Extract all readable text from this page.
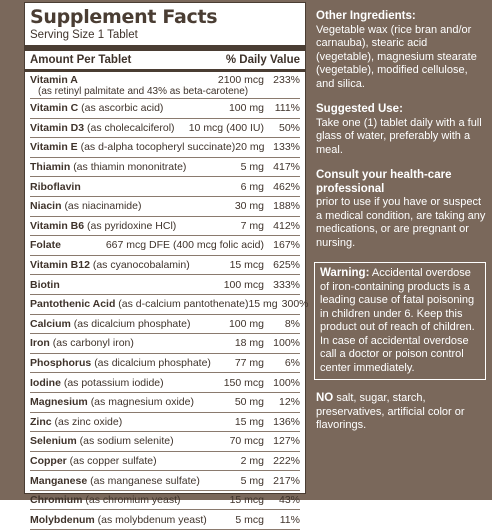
Supplement Facts
Serving Size 1 Tablet
Amount Per Tablet	% Daily Value
Vitamin A	2100 mcg 233%
(as retinyl palmitate and 43% as beta-carotene)
Vitamin C (as ascorbic acid)	100 mg	111%
Vitamin D3 (as cholecalciferol)	10 mcg (400 IU)	50%
Vitamin E (as d-alpha tocopheryl succinate) 20 mg 133%
Thiamin (as thiamin mononitrate)	5 mg 417%
Riboflavin	6 mg 462%
Niacin (as niacinamide)	30 mg 188%
Vitamin B6 (as pyridoxine HCl)	7 mg 412%
Folate	667 mcg DFE (400 mcg folic acid) 167%
Vitamin B12 (as cyanocobalamin)	15 mcg 625%
Biotin	100 mcg 333%
Pantothenic Acid (as d-calcium pantothenate) 15 mg 300%
Calcium (as dicalcium phosphate)	100 mg	8%
Iron (as carbonyl iron)	18 mg 100%
Phosphorus (as dicalcium phosphate)	77 mg	6%
Iodine (as potassium iodide)	150 mcg 100%
Magnesium (as magnesium oxide)	50 mg	12%
Zinc (as zinc oxide)	15 mg 136%
Selenium (as sodium selenite)	70 mcg 127%
Copper (as copper sulfate)	2 mg 222%
Manganese (as manganese sulfate)	5 mg 217%
Chromium (as chromium yeast)	15 mcg	43%
Molybdenum (as molybdenum yeast)	5 mcg	11%
Other Ingredients:
Vegetable wax (rice bran and/or carnauba), stearic acid (vegetable), magnesium stearate (vegetable), modified cellulose, and silica.
Suggested Use:
Take one (1) tablet daily with a full glass of water, preferably with a meal.
Consult your health-care professional
prior to use if you have or suspect a medical condition, are taking any medications, or are pregnant or nursing.
Warning: Accidental overdose of iron-containing products is a leading cause of fatal poisoning in children under 6. Keep this product out of reach of children. In case of accidental overdose call a doctor or poison control center immediately.
NO salt, sugar, starch, preservatives, artificial color or flavorings.
